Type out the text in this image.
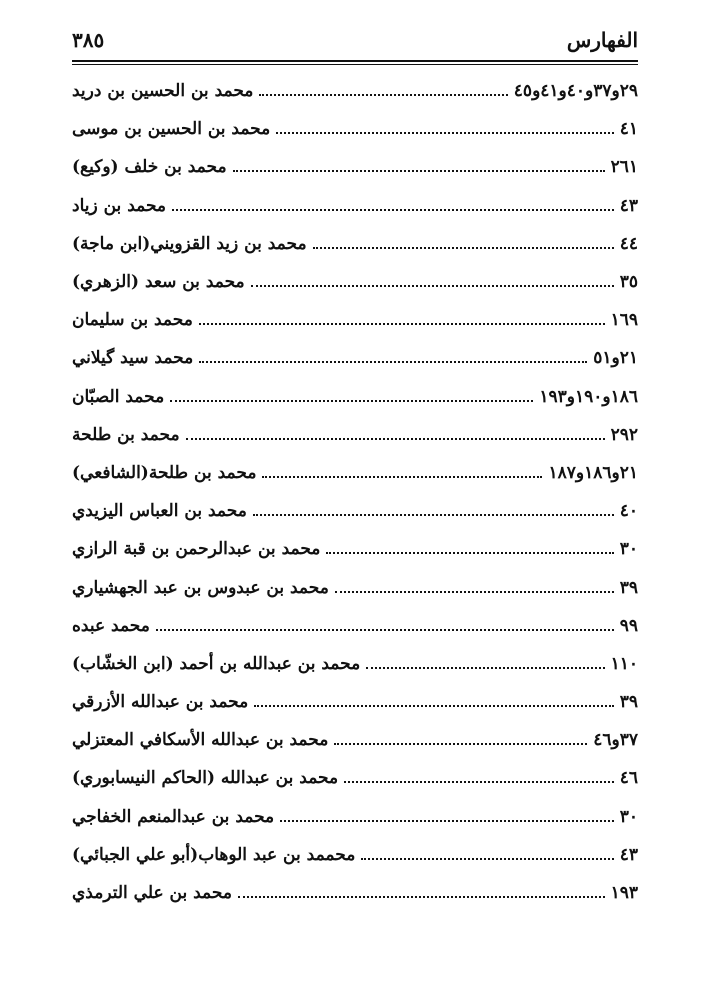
الفهارس
٣٨٥
محمد بن الحسين بن دريد	٢٩و٣٧و٤٠و٤١و٤٥
محمد بن الحسين بن موسى	٤١
محمد بن خلف (وكيع)	٢٦١
محمد بن زياد	٤٣
محمد بن زيد القزويني(ابن ماجة)	٤٤
محمد بن سعد (الزهري)	٣٥
محمد بن سليمان	١٦٩
محمد سيد گيلاني	٢١و٥١
محمد الصبّان	١٨٦و١٩٠و١٩٣
محمد بن طلحة	٢٩٢
محمد بن طلحة(الشافعي)	٢١و١٨٦و١٨٧
محمد بن العباس اليزيدي	٤٠
محمد بن عبدالرحمن بن قبة الرازي	٣٠
محمد بن عبدوس بن عبد الجهشياري	٣٩
محمد عبده	٩٩
محمد بن عبدالله بن أحمد (ابن الخشّاب)	١١٠
محمد بن عبدالله الأزرقي	٣٩
محمد بن عبدالله الأسكافي المعتزلي	٣٧و٤٦
محمد بن عبدالله (الحاكم النيسابوري)	٤٦
محمد بن عبدالمنعم الخفاجي	٣٠
محممد بن عبد الوهاب(أبو علي الجبائي)	٤٣
محمد بن علي الترمذي	١٩٣
